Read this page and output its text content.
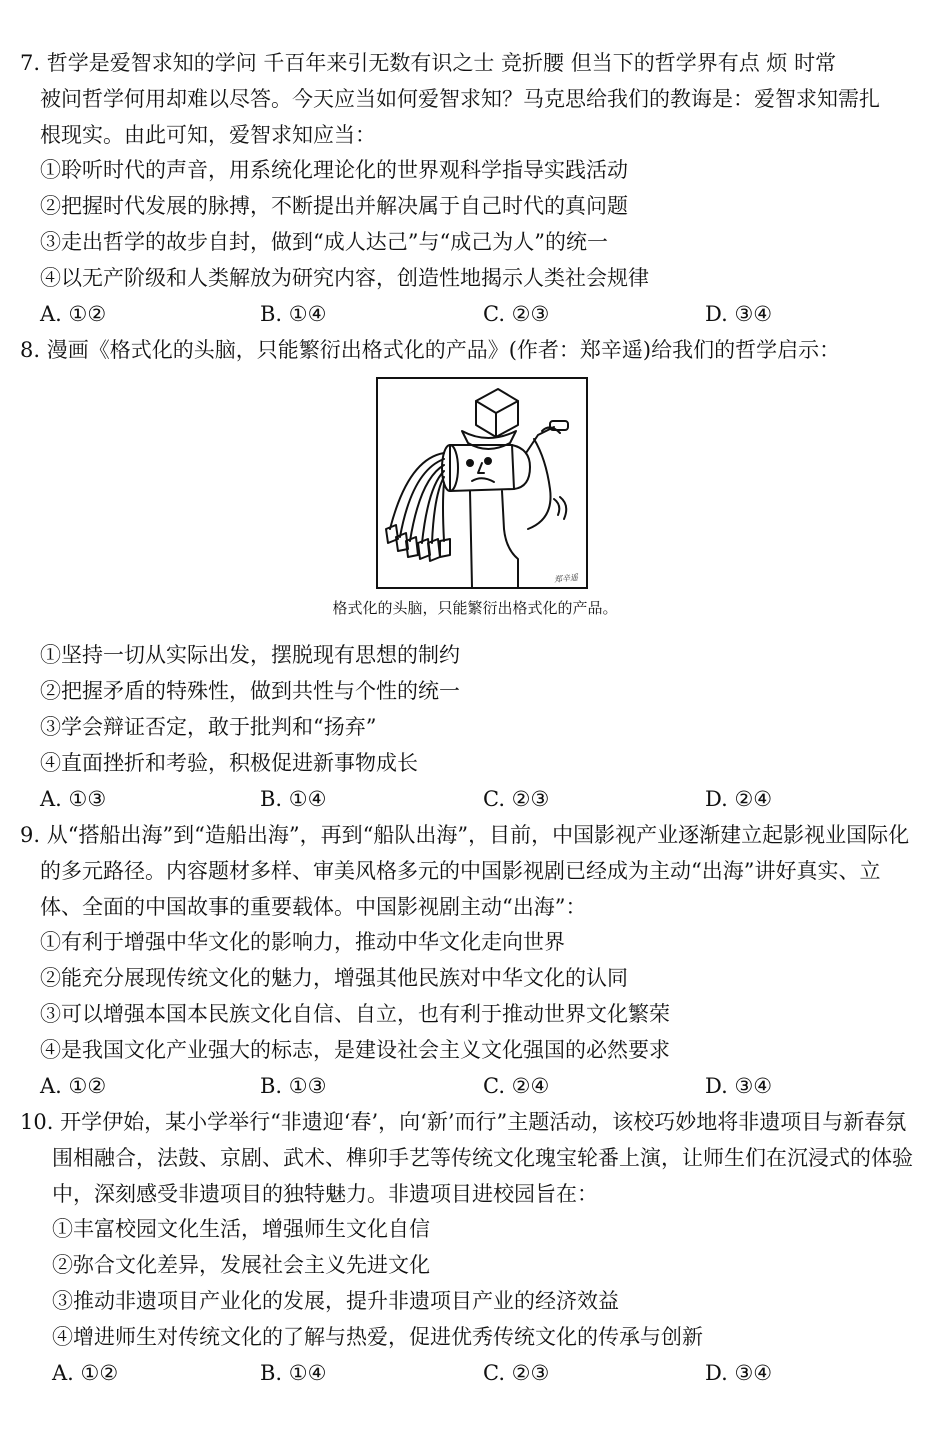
7. 哲学是爱智求知的学问 千百年来引无数有识之士 竞折腰 但当下的哲学界有点 烦 时常
被问哲学何用却难以尽答。今天应当如何爱智求知？马克思给我们的教诲是：爱智求知需扎
根现实。由此可知，爱智求知应当：
①聆听时代的声音，用系统化理论化的世界观科学指导实践活动
②把握时代发展的脉搏，不断提出并解决属于自己时代的真问题
③走出哲学的故步自封，做到“成人达己”与“成己为人”的统一
④以无产阶级和人类解放为研究内容，创造性地揭示人类社会规律
A. ①②	B. ①④	C. ②③	D. ③④
8. 漫画《格式化的头脑，只能繁衍出格式化的产品》(作者：郑辛遥)给我们的哲学启示：
郑辛遥
格式化的头脑，只能繁衍出格式化的产品。
①坚持一切从实际出发，摆脱现有思想的制约
②把握矛盾的特殊性，做到共性与个性的统一
③学会辩证否定，敢于批判和“扬弃”
④直面挫折和考验，积极促进新事物成长
A. ①③	B. ①④	C. ②③	D. ②④
9. 从“搭船出海”到“造船出海”，再到“船队出海”，目前，中国影视产业逐渐建立起影视业国际化
的多元路径。内容题材多样、审美风格多元的中国影视剧已经成为主动“出海”讲好真实、立
体、全面的中国故事的重要载体。中国影视剧主动“出海”：
①有利于增强中华文化的影响力，推动中华文化走向世界
②能充分展现传统文化的魅力，增强其他民族对中华文化的认同
③可以增强本国本民族文化自信、自立，也有利于推动世界文化繁荣
④是我国文化产业强大的标志，是建设社会主义文化强国的必然要求
A. ①②	B. ①③	C. ②④	D. ③④
10. 开学伊始，某小学举行“非遗迎‘春’，向‘新’而行”主题活动，该校巧妙地将非遗项目与新春氛
围相融合，法鼓、京剧、武术、榫卯手艺等传统文化瑰宝轮番上演，让师生们在沉浸式的体验
中，深刻感受非遗项目的独特魅力。非遗项目进校园旨在：
①丰富校园文化生活，增强师生文化自信
②弥合文化差异，发展社会主义先进文化
③推动非遗项目产业化的发展，提升非遗项目产业的经济效益
④增进师生对传统文化的了解与热爱，促进优秀传统文化的传承与创新
A. ①②	B. ①④	C. ②③	D. ③④
